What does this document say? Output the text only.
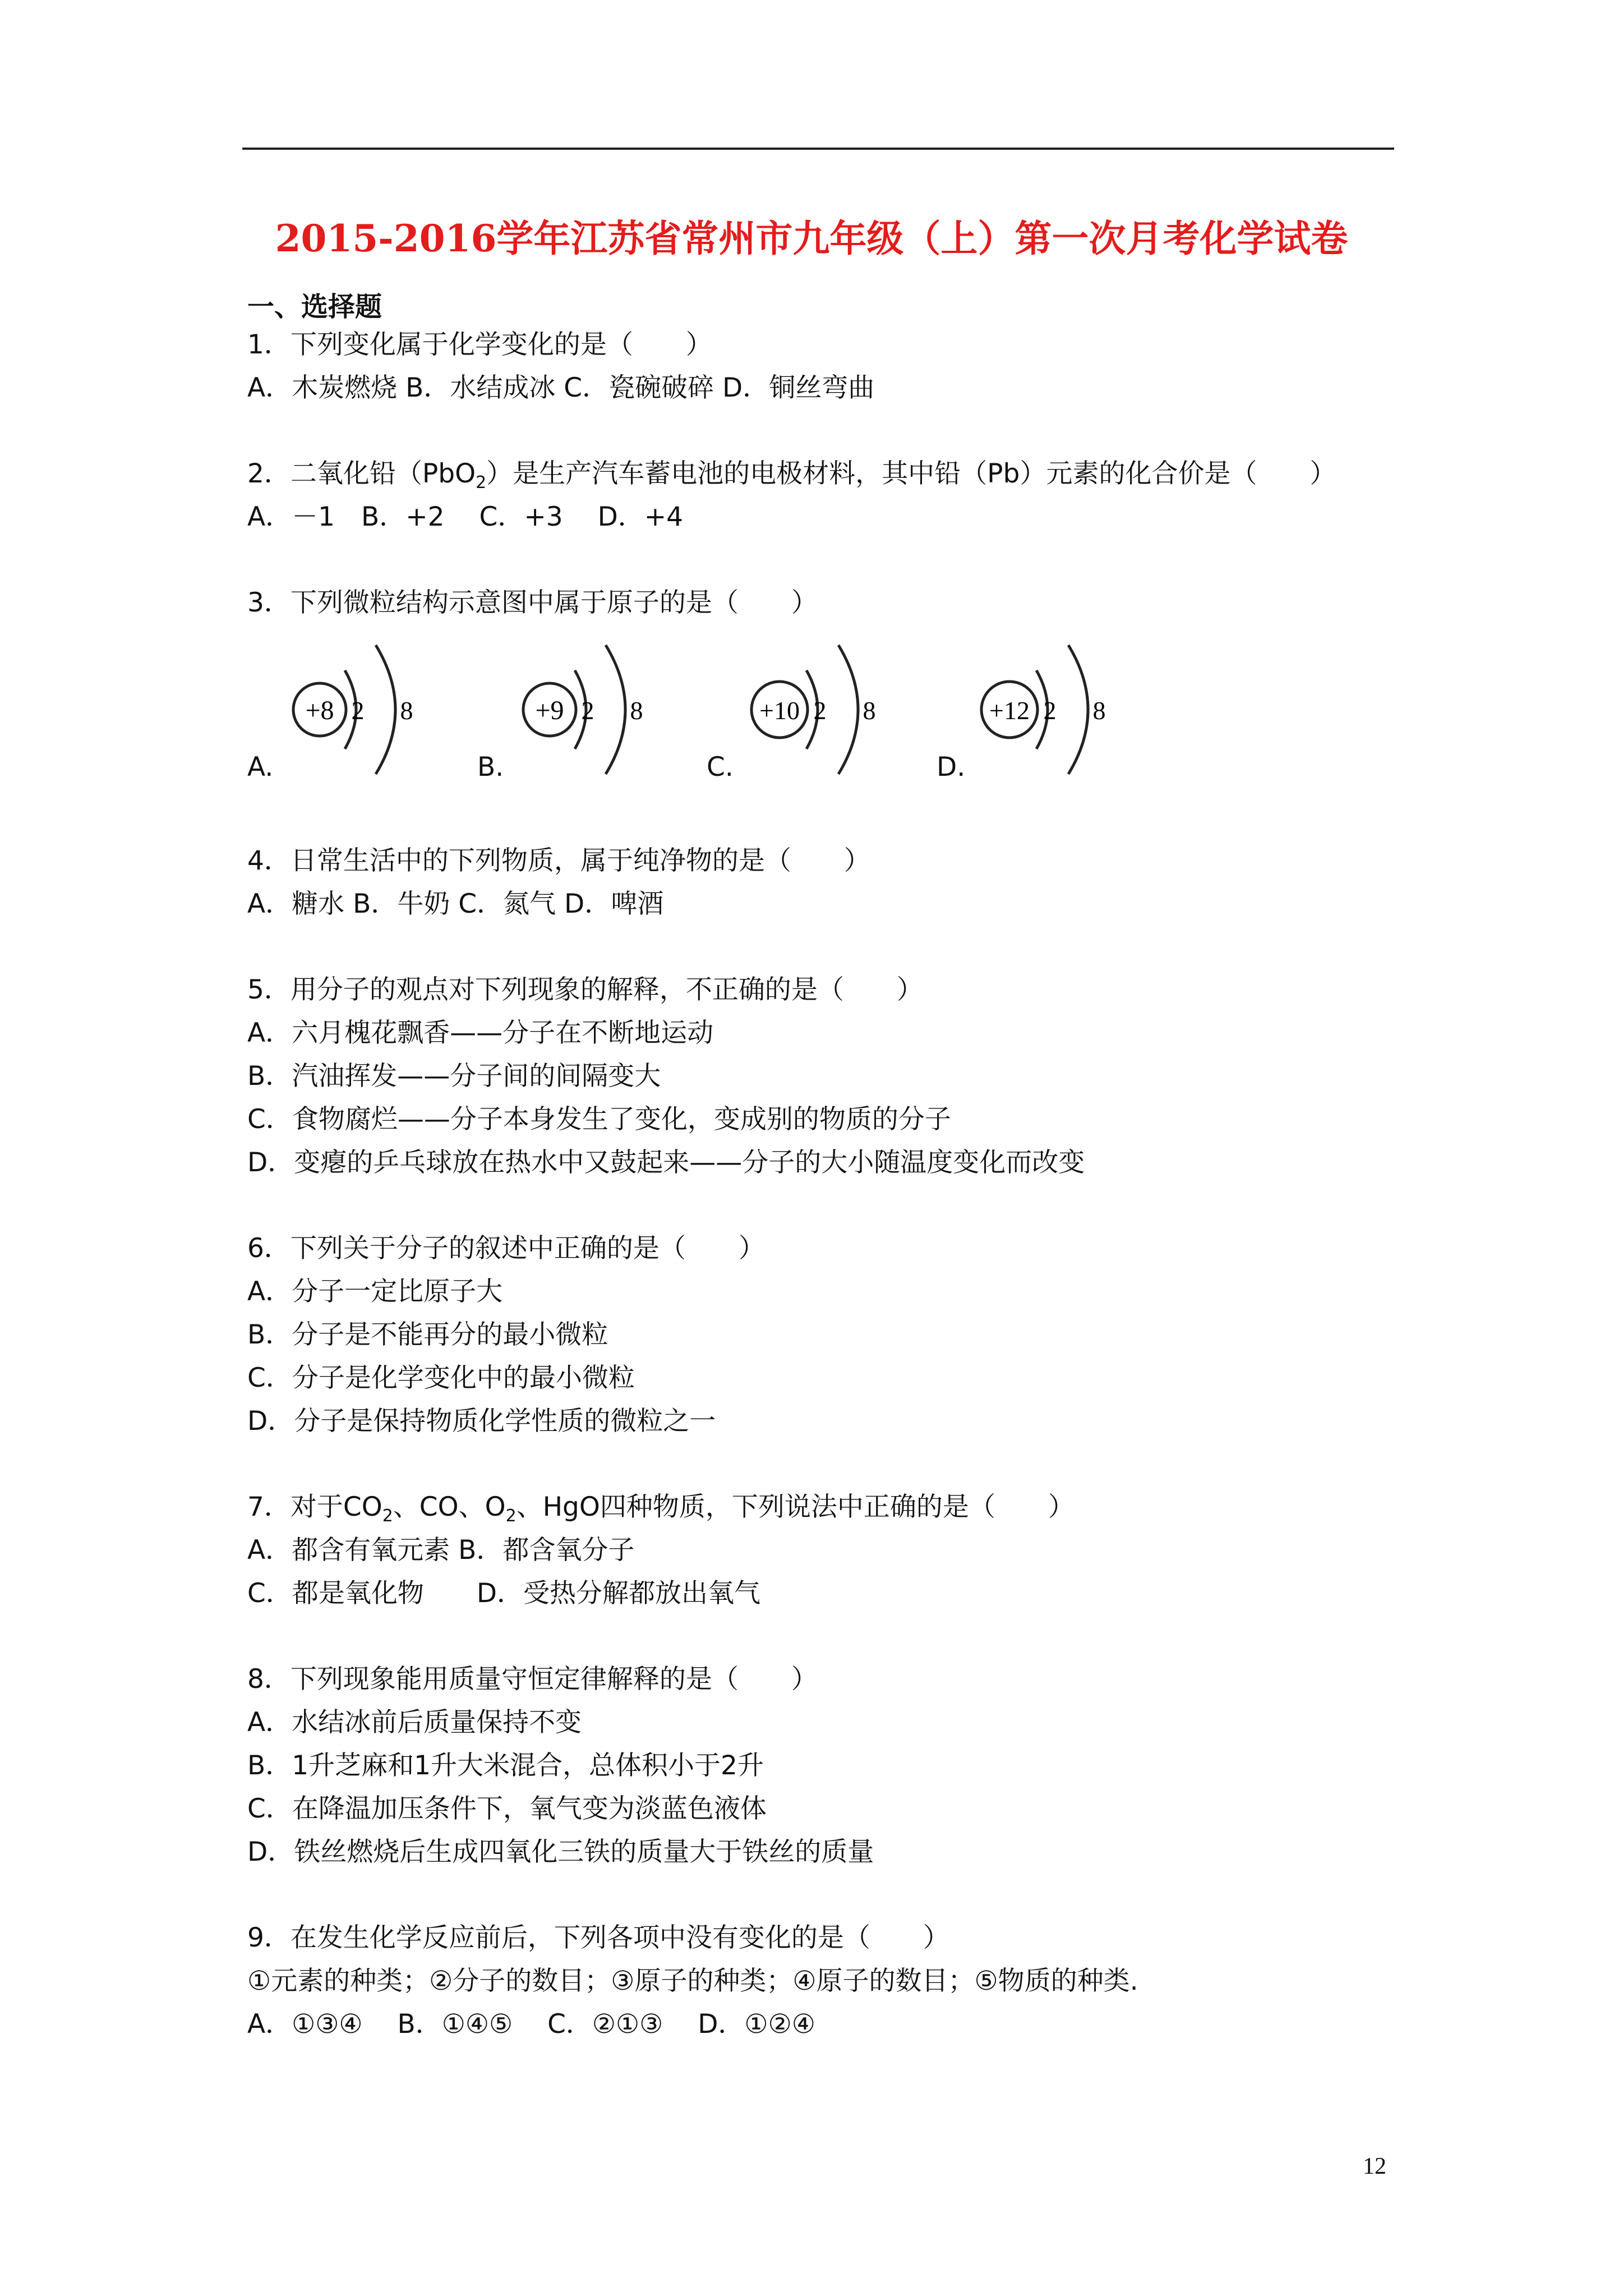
2015-2016学年江苏省常州市九年级（上）第一次月考化学试卷
一、选择题
1．下列变化属于化学变化的是（　　）
A．木炭燃烧 B．水结成冰 C．瓷碗破碎 D．铜丝弯曲
2．二氧化铅（PbO$_2$）是生产汽车蓄电池的电极材料，其中铅（Pb）元素的化合价是（　　）
A．－1　B．+2　 C．+3　 D．+4
3．下列微粒结构示意图中属于原子的是（　　）
A.
+8 2 8
B.
+9 2 8
C.
+10 2 8
D.
+12 2 8
4．日常生活中的下列物质，属于纯净物的是（　　）
A．糖水 B．牛奶 C．氮气 D．啤酒
5．用分子的观点对下列现象的解释，不正确的是（　　）
A．六月槐花飘香——分子在不断地运动
B．汽油挥发——分子间的间隔变大
C．食物腐烂——分子本身发生了变化，变成别的物质的分子
D．变瘪的乒乓球放在热水中又鼓起来——分子的大小随温度变化而改变
6．下列关于分子的叙述中正确的是（　　）
A．分子一定比原子大
B．分子是不能再分的最小微粒
C．分子是化学变化中的最小微粒
D．分子是保持物质化学性质的微粒之一
7．对于$CO_2$、CO、$O_2$、HgO四种物质，下列说法中正确的是（　　）
A．都含有氧元素 B．都含氧分子
C．都是氧化物　　D．受热分解都放出氧气
8．下列现象能用质量守恒定律解释的是（　　）
A．水结冰前后质量保持不变
B．1升芝麻和1升大米混合，总体积小于2升
C．在降温加压条件下，氧气变为淡蓝色液体
D．铁丝燃烧后生成四氧化三铁的质量大于铁丝的质量
9．在发生化学反应前后，下列各项中没有变化的是（　　）
①元素的种类；②分子的数目；③原子的种类；④原子的数目；⑤物质的种类.
A．①③④　 B．①④⑤　 C．②①③　 D．①②④
12
